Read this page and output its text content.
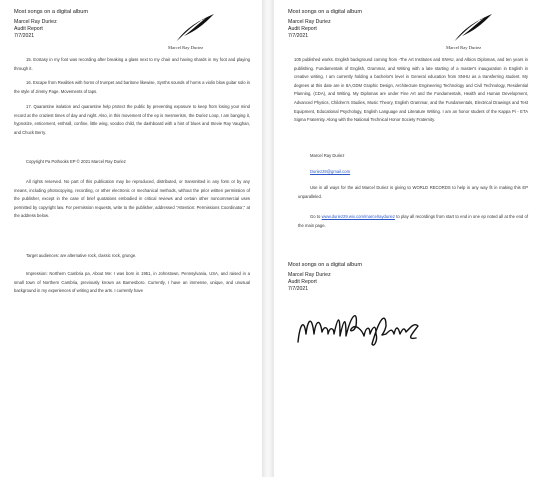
Most songs on a digital album
Marcel Ray Duriez
Audit Report
7/7/2021
Marcel Ray Duriez
15. Ecstasy in my foot was recording after breaking a glass next to my chair and having shards in my foot and playing through it.
16. Escape from Realities with horns of trumpet and baritone likewise, Synths sounds of horns a violin blow guitar solo in the style of Jimmy Page. Movements of taps.
17. Quarantine isolation and quarantine help protect the public by preventing exposure to keep from losing your mind record at the craziest times of day and night. Also, in this movement of the ep is mesmerism, the Duriez Loop, I am banging it, hypnotize, enticement, enthrall, confine, little wing, voodoo child, the dashboard with a hint of blues and Stevie Ray Vaughan, and Chuck Berry.
Copyright Pa Pothooks EP © 2021 Marcel Ray Duriez
All rights reserved. No part of this publication may be reproduced, distributed, or transmitted in any form or by any means, including photocopying, recording, or other electronic or mechanical methods, without the prior written permission of the publisher, except in the case of brief quotations embodied in critical reviews and certain other noncommercial uses permitted by copyright law. For permission requests, write to the publisher, addressed "Attention: Permissions Coordinator," at the address below.
Target audiences: are alternative rock, classic rock, grunge.
Impression: Northern Cambria pa, About Me: I was born in 1951, in Johnstown, Pennsylvania, USA, and raised in a small town of Northern Cambria, previously known as Barnesboro. Currently, I have an immense, unique, and unusual background in my experiences of writing and the arts. I currently have
Most songs on a digital album
Marcel Ray Duriez
Audit Report
7/7/2021
Marcel Ray Duriez
105 published works. English background coming from -The Art Institutes and SNHU, and Albion Diplomas, and ten years in publishing. Fundamentals of English, Grammar, and Writing with a late starting of a master's inauguration in English in creative writing. I am currently holding a bachelor's level in General education from SNHU as a transferring student. My degrees at this date are in 8A,GDM Graphic Design, Architecture Engineering Technology and Civil Technology, Residential Planning, (CDA), and Writing. My Diplomas are under Fine Art and the Fundamentals, Health and Human Development, Advanced Physics, Children's Studies, Music Theory, English Grammar, and the Fundamentals, Electrical Drawings and Test Equipment, Educational Psychology, English Language and Literature Writing. I am an honor student of the Kappa Pi - ETA Sigma Fraternity. Along with the National Technical Honor Society Fraternity.
Marcel Ray Duriez
Duriez29@gmail.com
Use in all ways for the aid Marcel Duriez is giving to WORLD RECORDS to help in any way fit in making this EP unparalleled.
Go to www.duriez29.wix.com/marcelrayduriez to play all recordings from start to end in one ep noted all at the end of the main page.
Most songs on a digital album
Marcel Ray Duriez
Audit Report
7/7/2021
